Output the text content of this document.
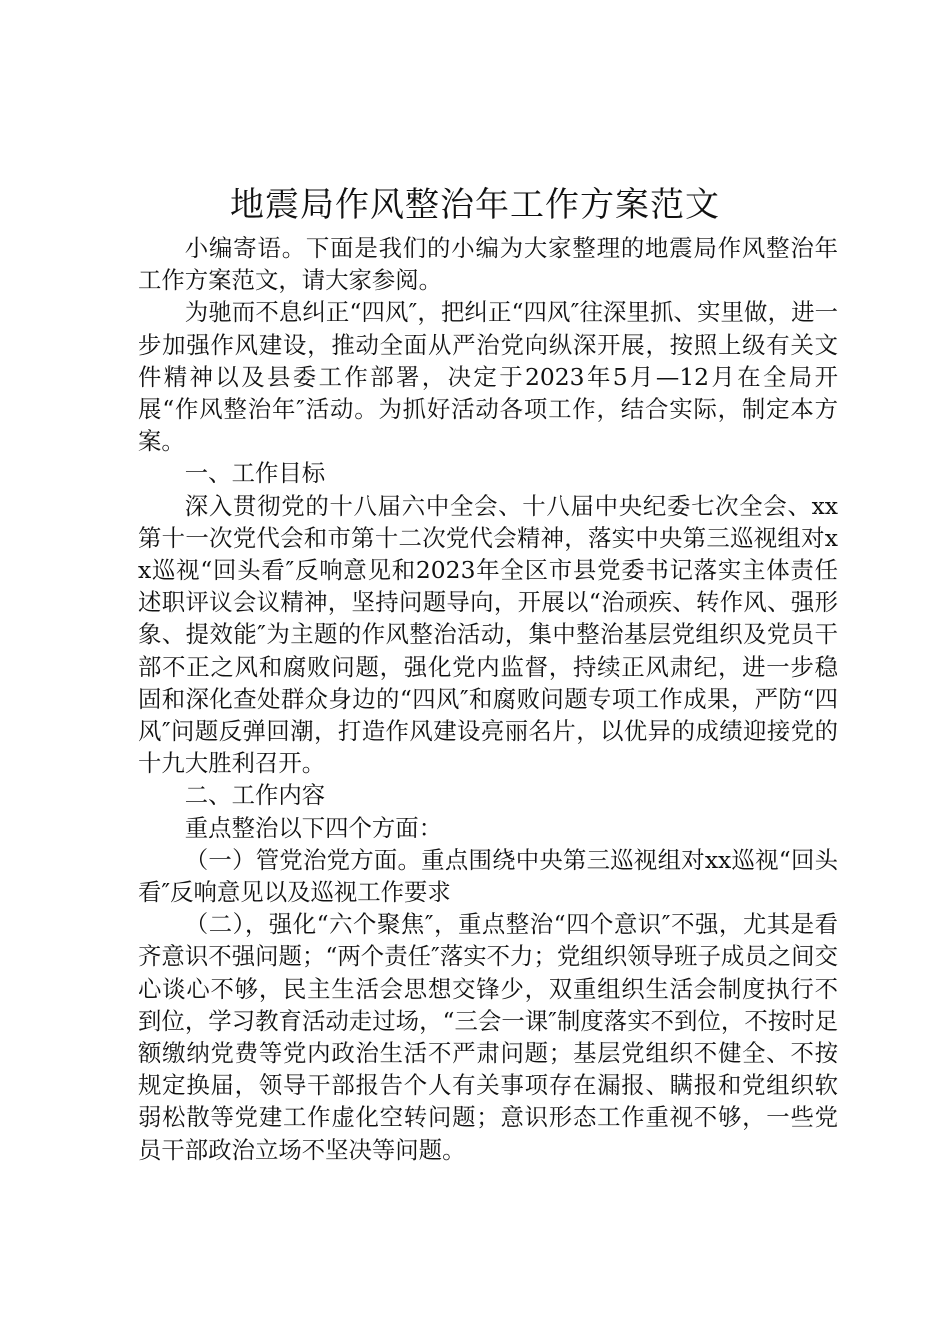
地震局作风整治年工作方案范文

小编寄语。下面是我们的小编为大家整理的地震局作风整治年工作方案范文，请大家参阅。

为驰而不息纠正“四风″，把纠正“四风″往深里抓、实里做，进一步加强作风建设，推动全面从严治党向纵深开展，按照上级有关文件精神以及县委工作部署，决定于2023年5月—12月在全局开展“作风整治年″活动。为抓好活动各项工作，结合实际，制定本方案。

一、工作目标

深入贯彻党的十八届六中全会、十八届中央纪委七次全会、xx第十一次党代会和市第十二次党代会精神，落实中央第三巡视组对xx巡视“回头看″反响意见和2023年全区市县党委书记落实主体责任述职评议会议精神，坚持问题导向，开展以“治顽疾、转作风、强形象、提效能″为主题的作风整治活动，集中整治基层党组织及党员干部不正之风和腐败问题，强化党内监督，持续正风肃纪，进一步稳固和深化查处群众身边的“四风″和腐败问题专项工作成果，严防“四风″问题反弹回潮，打造作风建设亮丽名片，以优异的成绩迎接党的十九大胜利召开。

二、工作内容

重点整治以下四个方面：

（一）管党治党方面。重点围绕中央第三巡视组对xx巡视“回头看″反响意见以及巡视工作要求

（二），强化“六个聚焦″，重点整治“四个意识″不强，尤其是看齐意识不强问题；“两个责任″落实不力；党组织领导班子成员之间交心谈心不够，民主生活会思想交锋少，双重组织生活会制度执行不到位，学习教育活动走过场，“三会一课″制度落实不到位，不按时足额缴纳党费等党内政治生活不严肃问题；基层党组织不健全、不按规定换届，领导干部报告个人有关事项存在漏报、瞒报和党组织软弱松散等党建工作虚化空转问题；意识形态工作重视不够，一些党员干部政治立场不坚决等问题。
